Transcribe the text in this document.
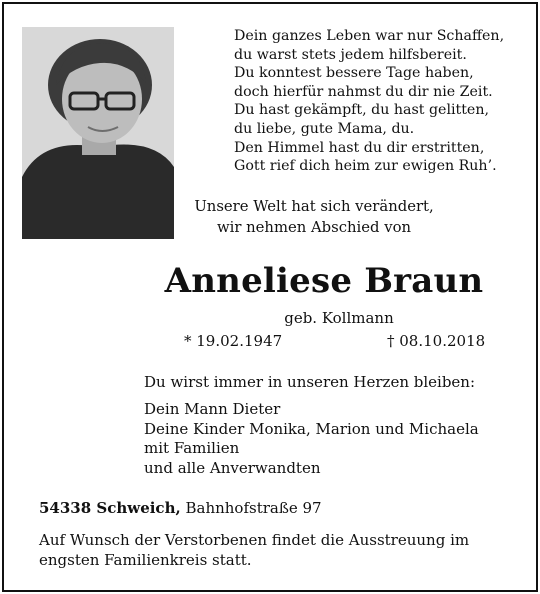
Dein ganzes Leben war nur Schaffen,
du warst stets jedem hilfsbereit.
Du konntest bessere Tage haben,
doch hierfür nahmst du dir nie Zeit.
Du hast gekämpft, du hast gelitten,
du liebe, gute Mama, du.
Den Himmel hast du dir erstritten,
Gott rief dich heim zur ewigen Ruh’.
Unsere Welt hat sich verändert,
wir nehmen Abschied von
Anneliese Braun
geb. Kollmann
* 19.02.1947	† 08.10.2018
Du wirst immer in unseren Herzen bleiben:
Dein Mann Dieter
Deine Kinder Monika, Marion und Michaela
mit Familien
und alle Anverwandten
54338 Schweich, Bahnhofstraße 97
Auf Wunsch der Verstorbenen findet die Ausstreuung im
engsten Familienkreis statt.
